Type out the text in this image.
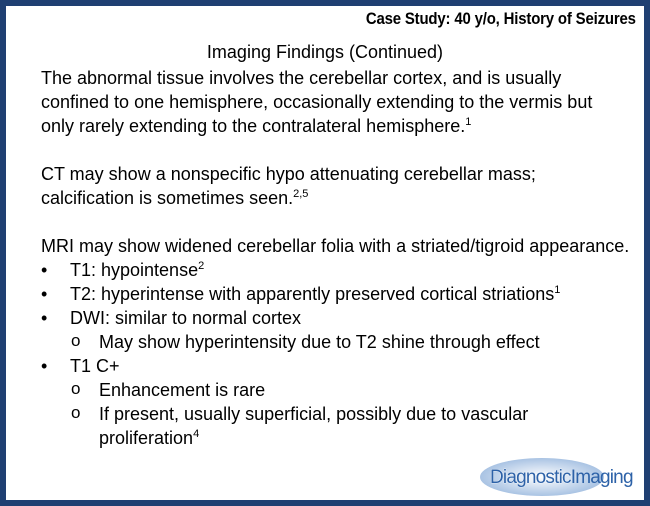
Case Study: 40 y/o, History of Seizures
Imaging Findings (Continued)

The abnormal tissue involves the cerebellar cortex, and is usually confined to one hemisphere, occasionally extending to the vermis but only rarely extending to the contralateral hemisphere.$^1$

CT may show a nonspecific hypo attenuating cerebellar mass; calcification is sometimes seen.$^{2,5}$

MRI may show widened cerebellar folia with a striated/tigroid appearance.

• T1: hypointense$^2$
• T2: hyperintense with apparently preserved cortical striations$^1$
• DWI: similar to normal cortex
o May show hyperintensity due to T2 shine through effect
• T1 C+
o Enhancement is rare
o If present, usually superficial, possibly due to vascular proliferation$^4$
DiagnosticImaging
